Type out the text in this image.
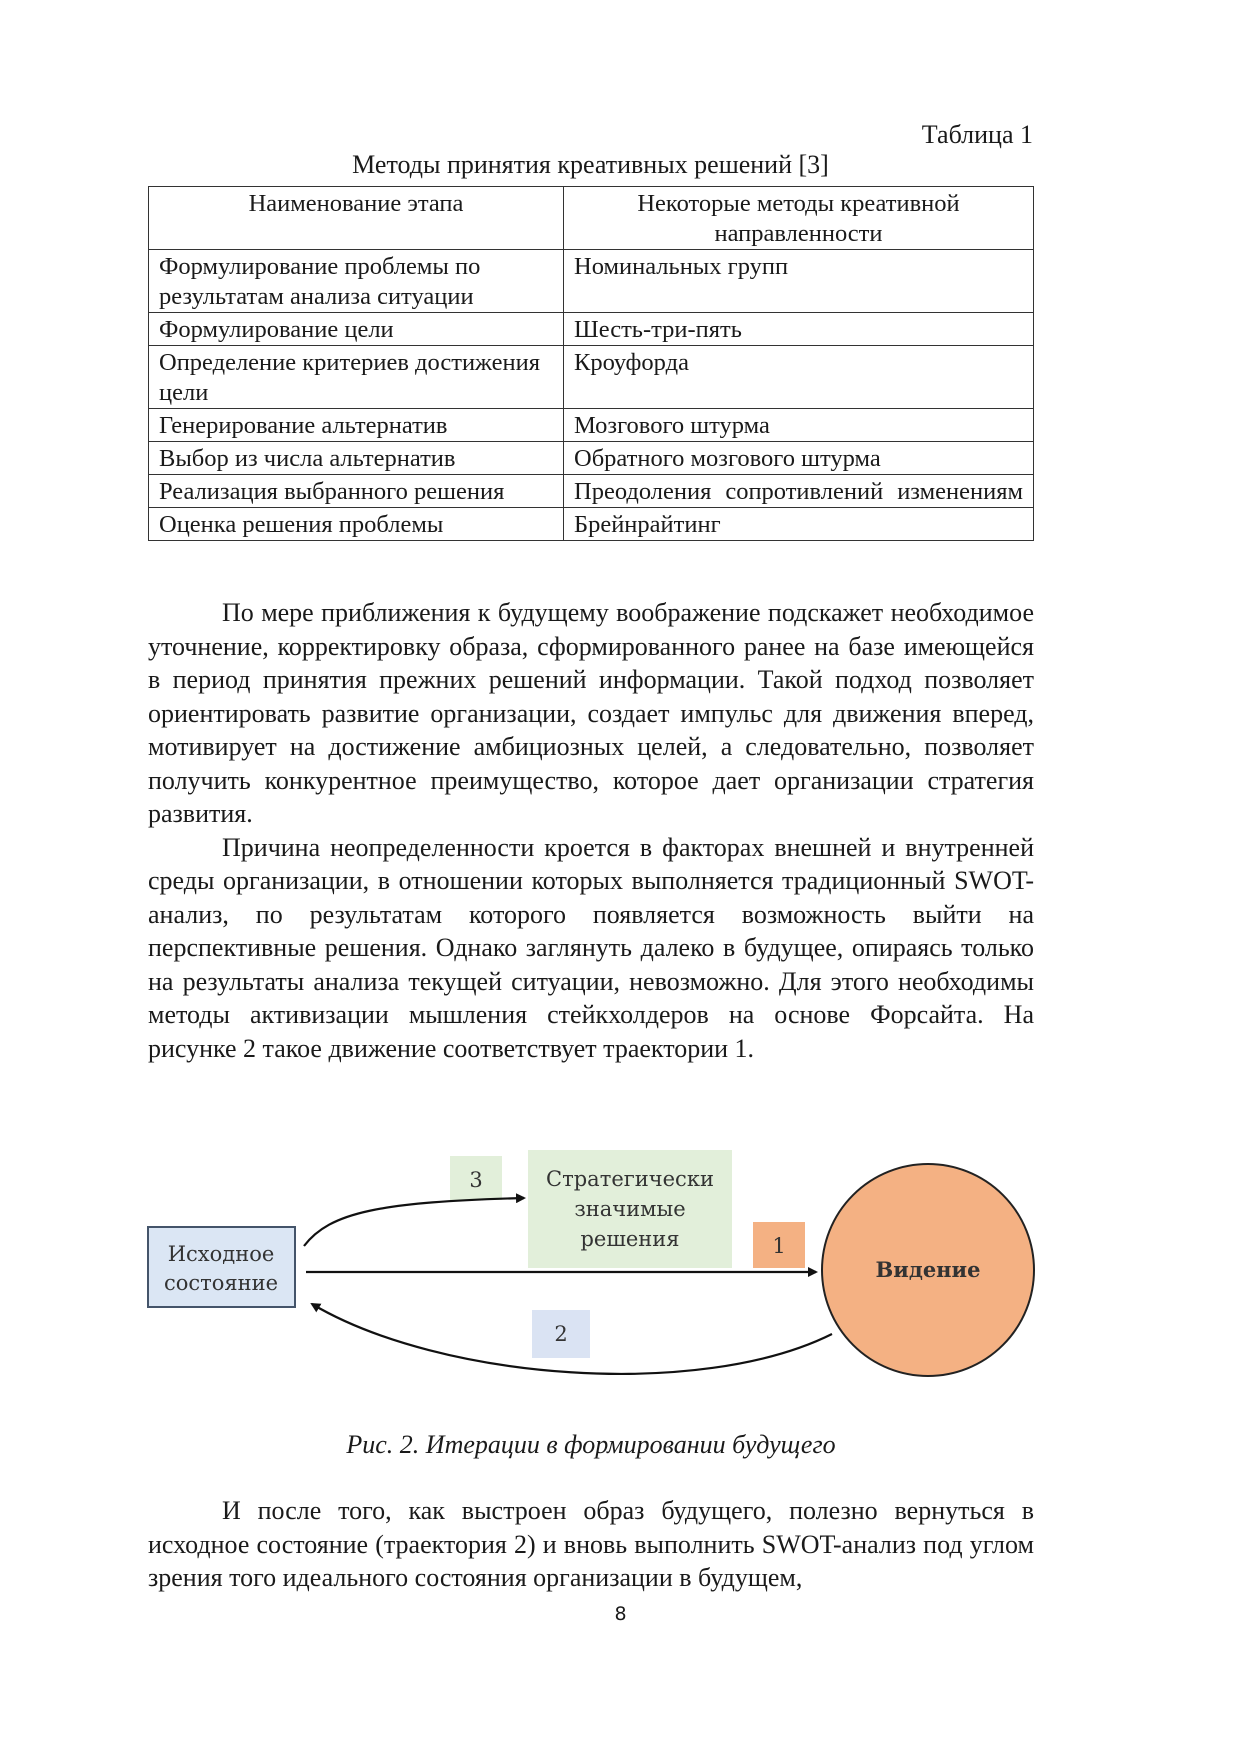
Таблица 1
Методы принятия креативных решений [3]
Наименование этапа	Некоторые методы креативной направленности
Формулирование проблемы по результатам анализа ситуации	Номинальных групп
Формулирование цели	Шесть-три-пять
Определение критериев достижения цели	Кроуфорда
Генерирование альтернатив	Мозгового штурма
Выбор из числа альтернатив	Обратного мозгового штурма
Реализация выбранного решения	Преодоления сопротивлений изменениям
Оценка решения проблемы	Брейнрайтинг

По мере приближения к будущему воображение подскажет необходимое уточнение, корректировку образа, сформированного ранее на базе имеющейся в период принятия прежних решений информации. Такой подход позволяет ориентировать развитие организации, создает импульс для движения вперед, мотивирует на достижение амбициозных целей, а следовательно, позволяет получить конкурентное преимущество, которое дает организации стратегия развития.

Причина неопределенности кроется в факторах внешней и внутренней среды организации, в отношении которых выполняется традиционный SWOT-анализ, по результатам которого появляется возможность выйти на перспективные решения. Однако заглянуть далеко в будущее, опираясь только на результаты анализа текущей ситуации, невозможно. Для этого необходимы методы активизации мышления стейкхолдеров на основе Форсайта. На рисунке 2 такое движение соответствует траектории 1.

3	Стратегически
значимые
решения	1
Исходное
состояние
Видение
2

Рис. 2. Итерации в формировании будущего

И после того, как выстроен образ будущего, полезно вернуться в исходное состояние (траектория 2) и вновь выполнить SWOT-анализ под углом зрения того идеального состояния организации в будущем,

8
